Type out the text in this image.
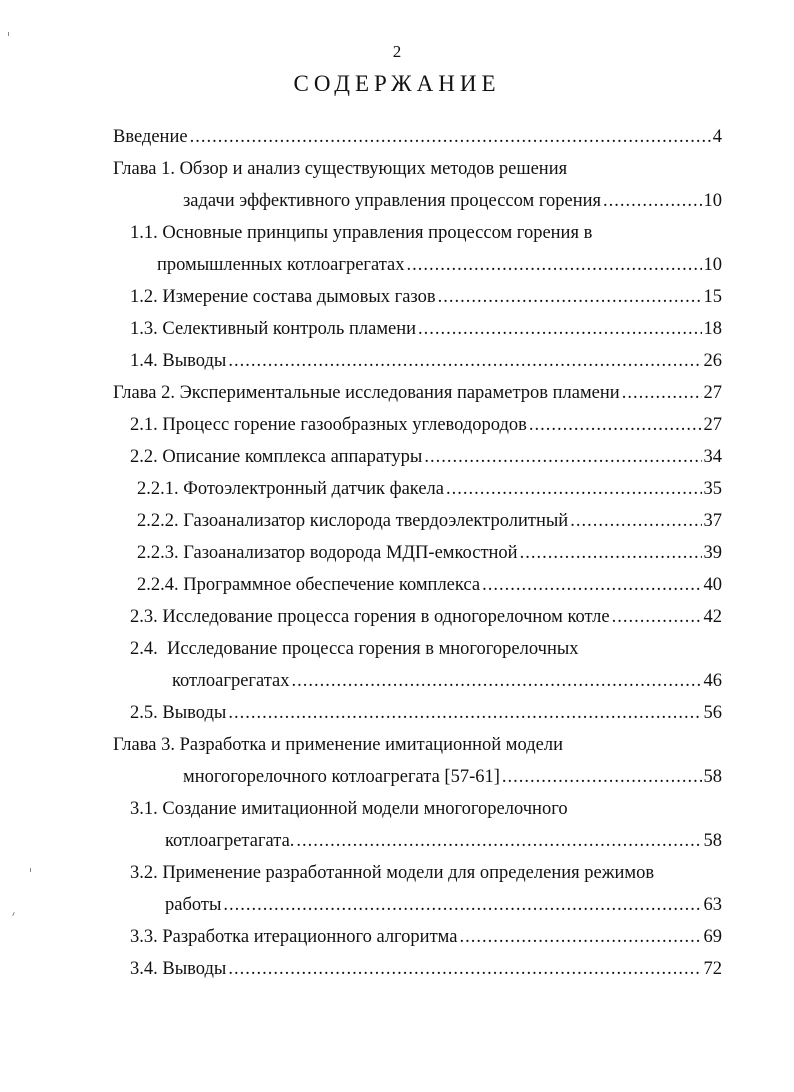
2
СОДЕРЖАНИЕ
Введение .....	4
Глава 1. Обзор и анализ существующих методов решения
задачи эффективного управления процессом горения .....	10
1.1. Основные принципы управления процессом горения в
промышленных котлоагрегатах .....	10
1.2. Измерение состава дымовых газов .....	15
1.3. Селективный контроль пламени .....	18
1.4. Выводы .....	26
Глава 2. Экспериментальные исследования параметров пламени .....	27
2.1. Процесс горение газообразных углеводородов .....	27
2.2. Описание комплекса аппаратуры .....	34
2.2.1. Фотоэлектронный датчик факела .....	35
2.2.2. Газоанализатор кислорода твердоэлектролитный .....	37
2.2.3. Газоанализатор водорода МДП-емкостной .....	39
2.2.4. Программное обеспечение комплекса .....	40
2.3. Исследование процесса горения в одногорелочном котле .....	42
2.4.  Исследование процесса горения в многогорелочных
котлоагрегатах .....	46
2.5. Выводы .....	56
Глава 3. Разработка и применение имитационной модели
многогорелочного котлоагрегата [57-61] .....	58
3.1. Создание имитационной модели многогорелочного
котлоагретагата. .....	58
3.2. Применение разработанной модели для определения режимов
работы .....	63
3.3. Разработка итерационного алгоритма .....	69
3.4. Выводы .....	72
